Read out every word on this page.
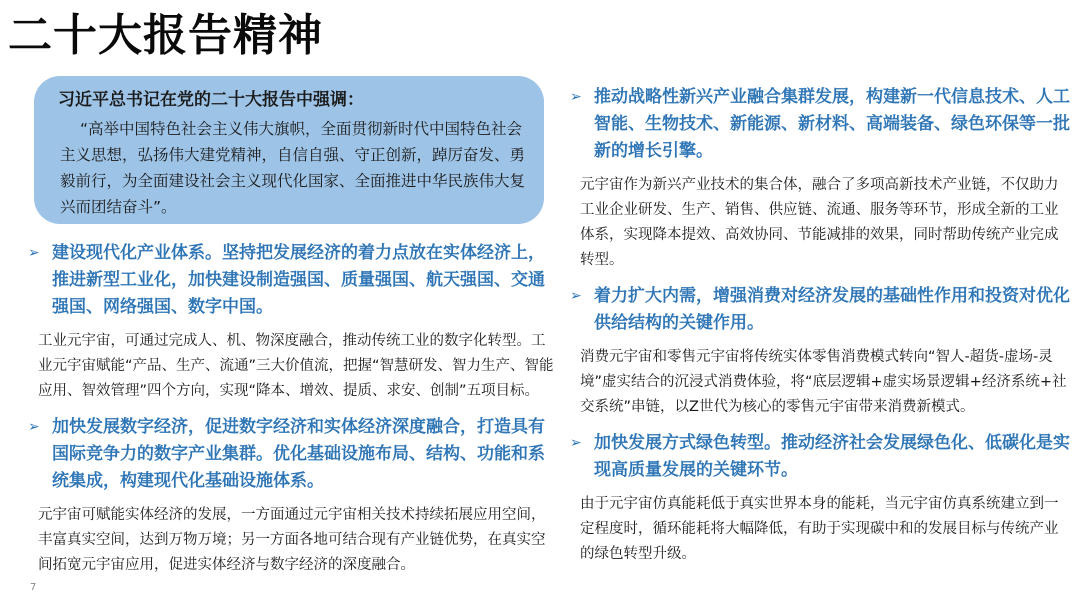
二十大报告精神
习近平总书记在党的二十大报告中强调：
“高举中国特色社会主义伟大旗帜，全面贯彻新时代中国特色社会主义思想，弘扬伟大建党精神，自信自强、守正创新，踔厉奋发、勇毅前行，为全面建设社会主义现代化国家、全面推进中华民族伟大复兴而团结奋斗”。
➢ 建设现代化产业体系。坚持把发展经济的着力点放在实体经济上，推进新型工业化，加快建设制造强国、质量强国、航天强国、交通强国、网络强国、数字中国。
工业元宇宙，可通过完成人、机、物深度融合，推动传统工业的数字化转型。工业元宇宙赋能“产品、生产、流通”三大价值流，把握“智慧研发、智力生产、智能应用、智效管理”四个方向，实现“降本、增效、提质、求安、创制”五项目标。
➢ 加快发展数字经济，促进数字经济和实体经济深度融合，打造具有国际竞争力的数字产业集群。优化基础设施布局、结构、功能和系统集成，构建现代化基础设施体系。
元宇宙可赋能实体经济的发展，一方面通过元宇宙相关技术持续拓展应用空间，丰富真实空间，达到万物万境；另一方面各地可结合现有产业链优势，在真实空间拓宽元宇宙应用，促进实体经济与数字经济的深度融合。
➢ 推动战略性新兴产业融合集群发展，构建新一代信息技术、人工智能、生物技术、新能源、新材料、高端装备、绿色环保等一批新的增长引擎。
元宇宙作为新兴产业技术的集合体，融合了多项高新技术产业链，不仅助力工业企业研发、生产、销售、供应链、流通、服务等环节，形成全新的工业体系，实现降本提效、高效协同、节能减排的效果，同时帮助传统产业完成转型。
➢ 着力扩大内需，增强消费对经济发展的基础性作用和投资对优化供给结构的关键作用。
消费元宇宙和零售元宇宙将传统实体零售消费模式转向“智人-超货-虚场-灵境”虚实结合的沉浸式消费体验，将“底层逻辑+虚实场景逻辑+经济系统+社交系统”串链，以Z世代为核心的零售元宇宙带来消费新模式。
➢ 加快发展方式绿色转型。推动经济社会发展绿色化、低碳化是实现高质量发展的关键环节。
由于元宇宙仿真能耗低于真实世界本身的能耗，当元宇宙仿真系统建立到一定程度时，循环能耗将大幅降低，有助于实现碳中和的发展目标与传统产业的绿色转型升级。
7
